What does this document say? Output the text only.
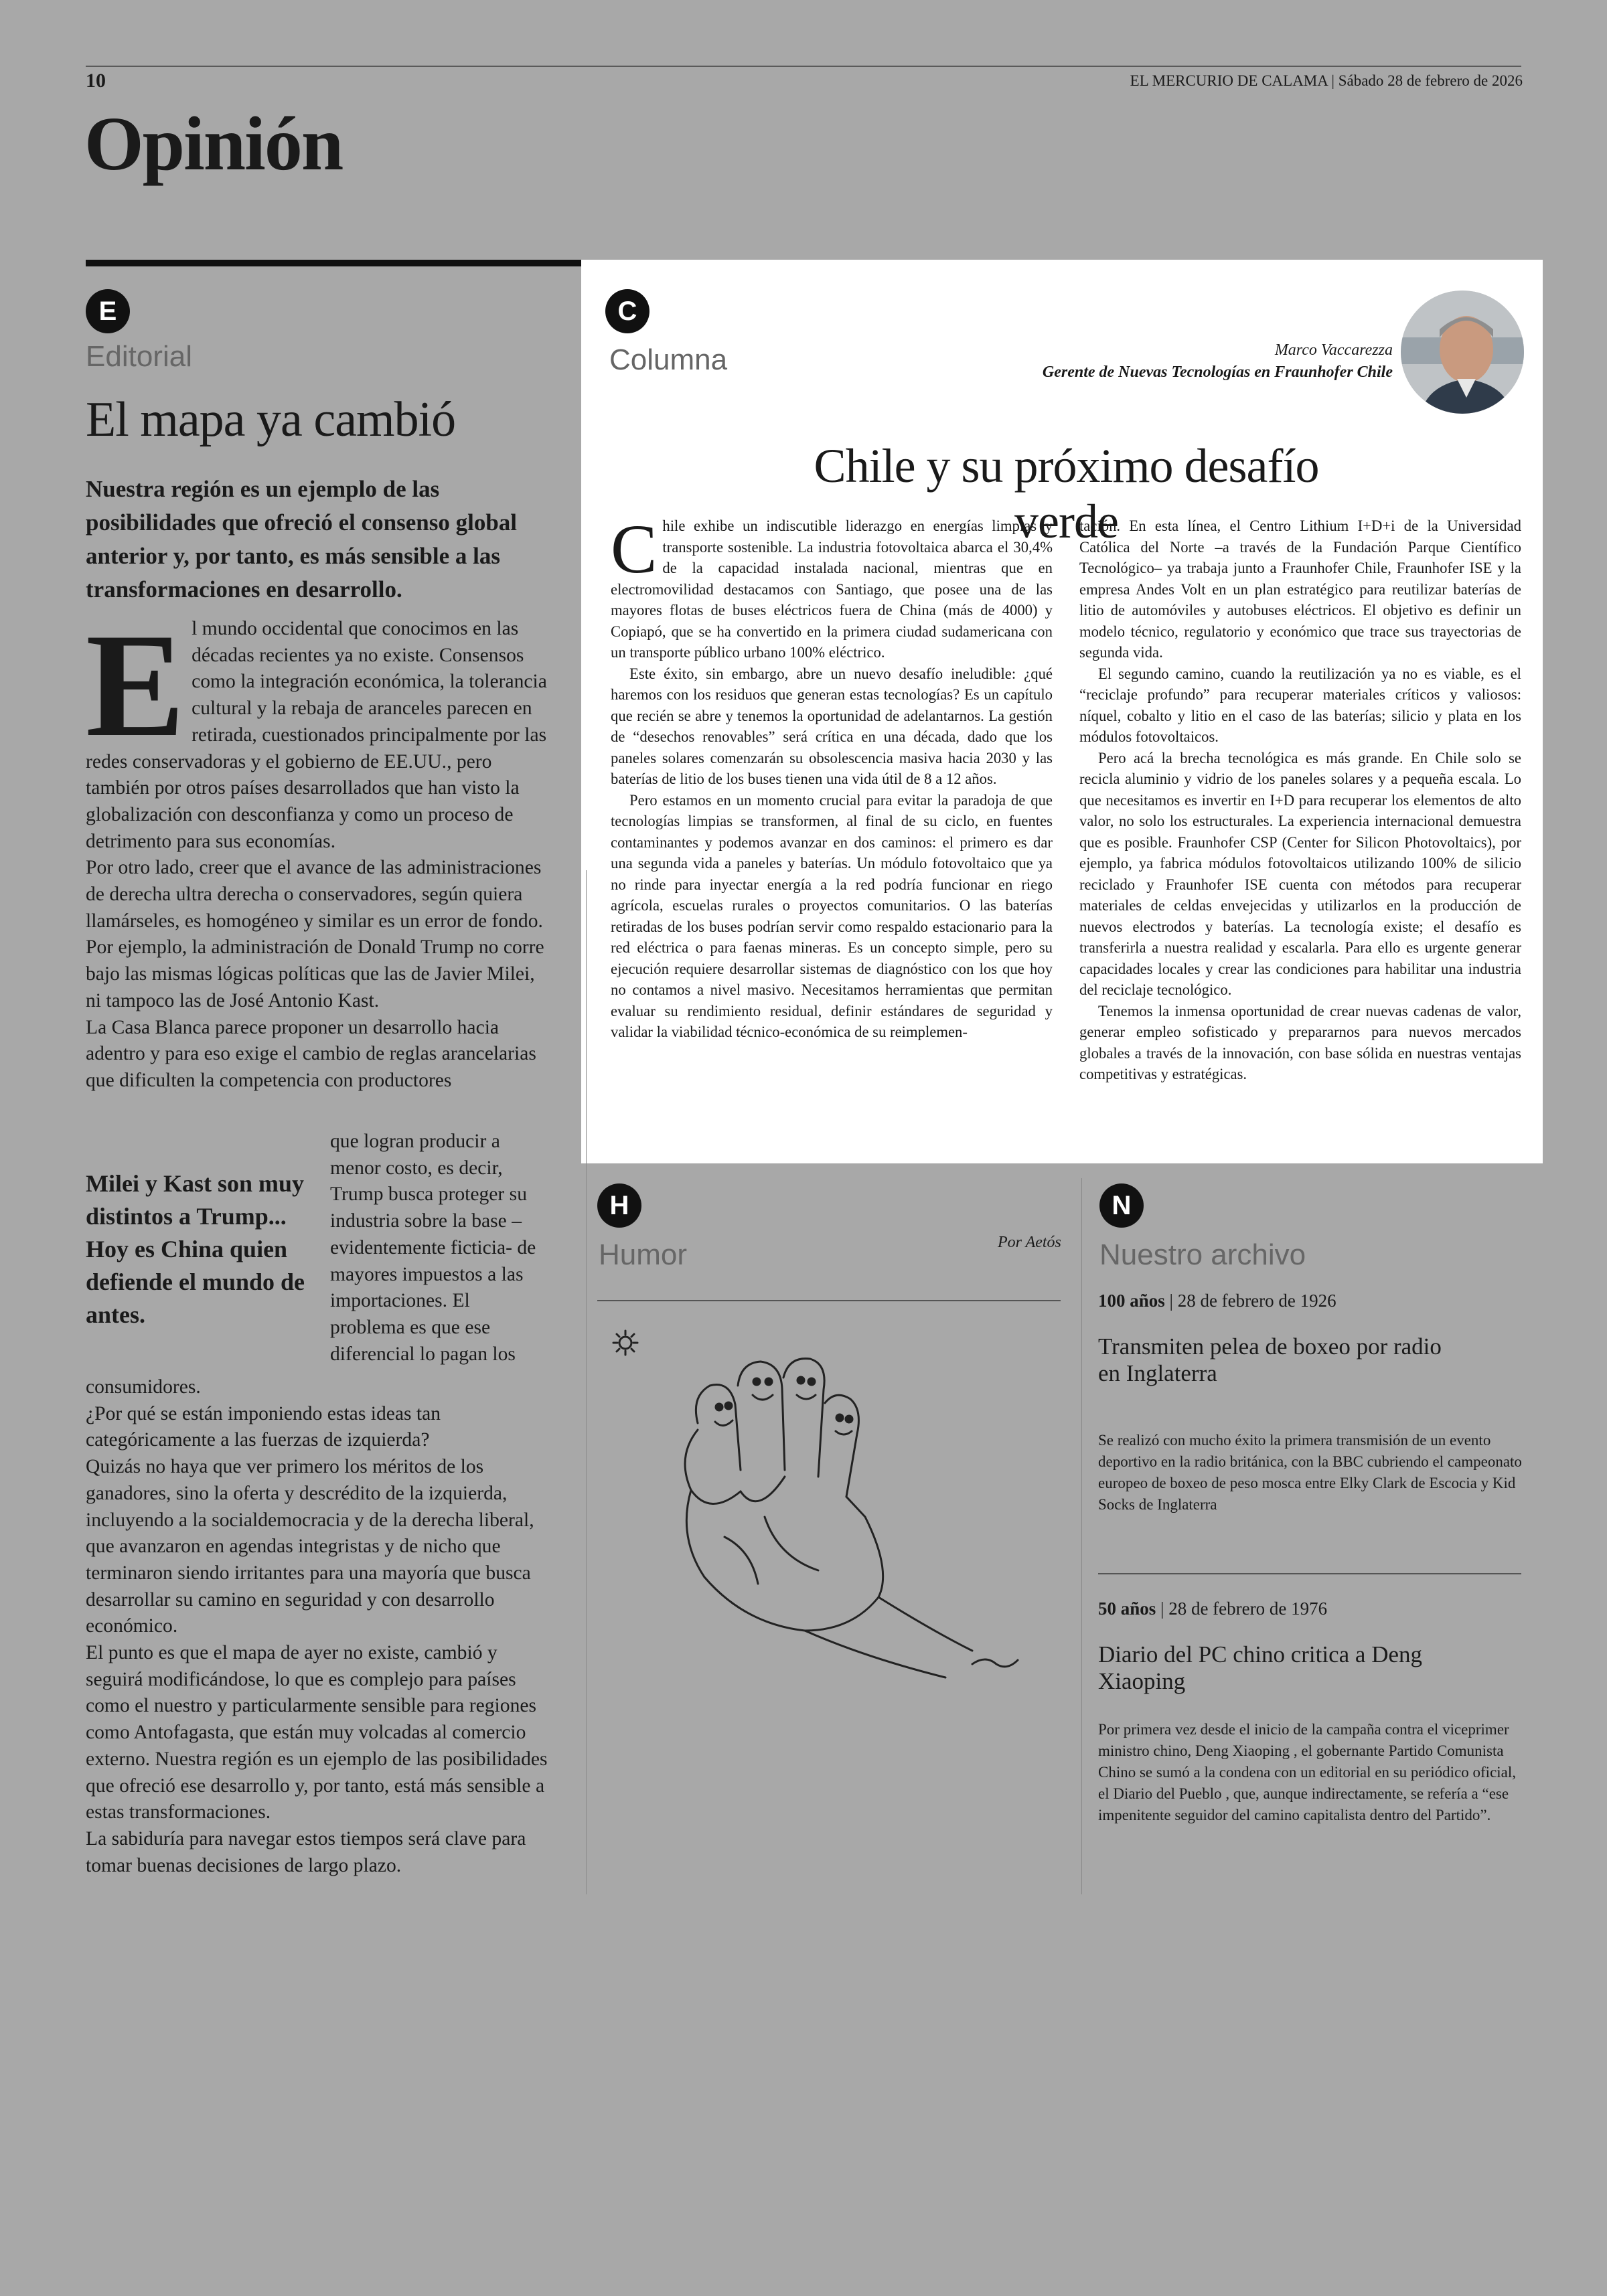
10	EL MERCURIO DE CALAMA | Sábado 28 de febrero de 2026
Opinión
E
Editorial
El mapa ya cambió
Nuestra región es un ejemplo de las posibilidades que ofreció el consenso global anterior y, por tanto, es más sensible a las transformaciones en desarrollo.

El mundo occidental que conocimos en las décadas recientes ya no existe. Consensos como la integración económica, la tolerancia cultural y la rebaja de aranceles parecen en retirada, cuestionados principalmente por las redes conservadoras y el gobierno de EE.UU., pero también por otros países desarrollados que han visto la globalización con desconfianza y como un proceso de detrimento para sus economías.

Por otro lado, creer que el avance de las administraciones de derecha ultra derecha o conservadores, según quiera llamárseles, es homogéneo y similar es un error de fondo. Por ejemplo, la administración de Donald Trump no corre bajo las mismas lógicas políticas que las de Javier Milei, ni tampoco las de José Antonio Kast.

La Casa Blanca parece proponer un desarrollo hacia adentro y para eso exige el cambio de reglas arancelarias que dificulten la competencia con productores

que logran producir a menor costo, es decir, Trump busca proteger su industria sobre la base –evidentemente ficticia- de mayores impuestos a las importaciones. El problema es que ese diferencial lo pagan los
Milei y Kast son muy distintos a Trump... Hoy es China quien defiende el mundo de antes.

consumidores.

¿Por qué se están imponiendo estas ideas tan categóricamente a las fuerzas de izquierda?

Quizás no haya que ver primero los méritos de los ganadores, sino la oferta y descrédito de la izquierda, incluyendo a la socialdemocracia y de la derecha liberal, que avanzaron en agendas integristas y de nicho que terminaron siendo irritantes para una mayoría que busca desarrollar su camino en seguridad y con desarrollo económico.

El punto es que el mapa de ayer no existe, cambió y seguirá modificándose, lo que es complejo para países como el nuestro y particularmente sensible para regiones como Antofagasta, que están muy volcadas al comercio externo. Nuestra región es un ejemplo de las posibilidades que ofreció ese desarrollo y, por tanto, está más sensible a estas transformaciones.

La sabiduría para navegar estos tiempos será clave para tomar buenas decisiones de largo plazo.

C
Columna	Marco Vaccarezza
Gerente de Nuevas Tecnologías en Fraunhofer Chile
Chile y su próximo desafío verde

Chile exhibe un indiscutible liderazgo en energías limpias y transporte sostenible. La industria fotovoltaica abarca el 30,4% de la capacidad instalada nacional, mientras que en electromovilidad destacamos con Santiago, que posee una de las mayores flotas de buses eléctricos fuera de China (más de 4000) y Copiapó, que se ha convertido en la primera ciudad sudamericana con un transporte público urbano 100% eléctrico.

Este éxito, sin embargo, abre un nuevo desafío ineludible: ¿qué haremos con los residuos que generan estas tecnologías? Es un capítulo que recién se abre y tenemos la oportunidad de adelantarnos. La gestión de “desechos renovables” será crítica en una década, dado que los paneles solares comenzarán su obsolescencia masiva hacia 2030 y las baterías de litio de los buses tienen una vida útil de 8 a 12 años.

Pero estamos en un momento crucial para evitar la paradoja de que tecnologías limpias se transformen, al final de su ciclo, en fuentes contaminantes y podemos avanzar en dos caminos: el primero es dar una segunda vida a paneles y baterías. Un módulo fotovoltaico que ya no rinde para inyectar energía a la red podría funcionar en riego agrícola, escuelas rurales o proyectos comunitarios. O las baterías retiradas de los buses podrían servir como respaldo estacionario para la red eléctrica o para faenas mineras. Es un concepto simple, pero su ejecución requiere desarrollar sistemas de diagnóstico con los que hoy no contamos a nivel masivo. Necesitamos herramientas que permitan evaluar su rendimiento residual, definir estándares de seguridad y validar la viabilidad técnico-económica de su reimplemen-

tación. En esta línea, el Centro Lithium I+D+i de la Universidad Católica del Norte –a través de la Fundación Parque Científico Tecnológico– ya trabaja junto a Fraunhofer Chile, Fraunhofer ISE y la empresa Andes Volt en un plan estratégico para reutilizar baterías de litio de automóviles y autobuses eléctricos. El objetivo es definir un modelo técnico, regulatorio y económico que trace sus trayectorias de segunda vida.

El segundo camino, cuando la reutilización ya no es viable, es el “reciclaje profundo” para recuperar materiales críticos y valiosos: níquel, cobalto y litio en el caso de las baterías; silicio y plata en los módulos fotovoltaicos.

Pero acá la brecha tecnológica es más grande. En Chile solo se recicla aluminio y vidrio de los paneles solares y a pequeña escala. Lo que necesitamos es invertir en I+D para recuperar los elementos de alto valor, no solo los estructurales. La experiencia internacional demuestra que es posible. Fraunhofer CSP (Center for Silicon Photovoltaics), por ejemplo, ya fabrica módulos fotovoltaicos utilizando 100% de silicio reciclado y Fraunhofer ISE cuenta con métodos para recuperar materiales de celdas envejecidas y utilizarlos en la producción de nuevos electrodos y baterías. La tecnología existe; el desafío es transferirla a nuestra realidad y escalarla. Para ello es urgente generar capacidades locales y crear las condiciones para habilitar una industria del reciclaje tecnológico.

Tenemos la inmensa oportunidad de crear nuevas cadenas de valor, generar empleo sofisticado y prepararnos para nuevos mercados globales a través de la innovación, con base sólida en nuestras ventajas competitivas y estratégicas.

H
Humor	Por Aetós
N
Nuestro archivo
100 años | 28 de febrero de 1926
Transmiten pelea de boxeo por radio en Inglaterra
Se realizó con mucho éxito la primera transmisión de un evento deportivo en la radio británica, con la BBC cubriendo el campeonato europeo de boxeo de peso mosca entre Elky Clark de Escocia y Kid Socks de Inglaterra
50 años | 28 de febrero de 1976
Diario del PC chino critica a Deng Xiaoping
Por primera vez desde el inicio de la campaña contra el viceprimer ministro chino, Deng Xiaoping , el gobernante Partido Comunista Chino se sumó a la condena con un editorial en su periódico oficial, el Diario del Pueblo , que, aunque indirectamente, se refería a “ese impenitente seguidor del camino capitalista dentro del Partido”.
